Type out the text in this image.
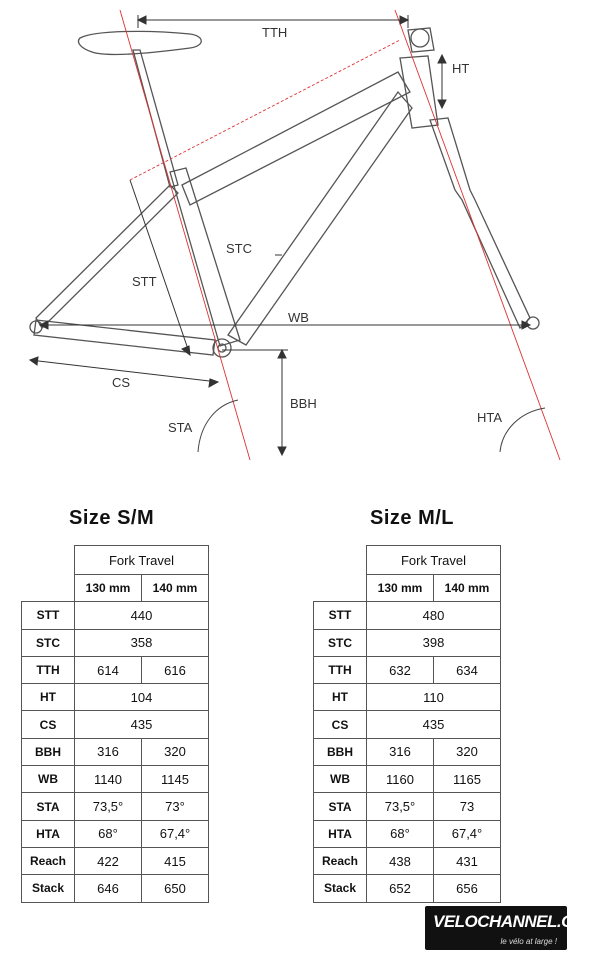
TTH
HT
STC
STT
WB
CS
BBH
STA
HTA
Size S/M
	Fork Travel	
	130 mm	140 mm
STT	440	
STC	358	
TTH	614	616
HT	104	
CS	435	
BBH	316	320
WB	1140	1145
STA	73,5°	73°
HTA	68°	67,4°
Reach	422	415
Stack	646	650
Size M/L
	Fork Travel	
	130 mm	140 mm
STT	480	
STC	398	
TTH	632	634
HT	110	
CS	435	
BBH	316	320
WB	1160	1165
STA	73,5°	73
HTA	68°	67,4°
Reach	438	431
Stack	652	656
VELOCHANNEL.COM
le vélo at large !
